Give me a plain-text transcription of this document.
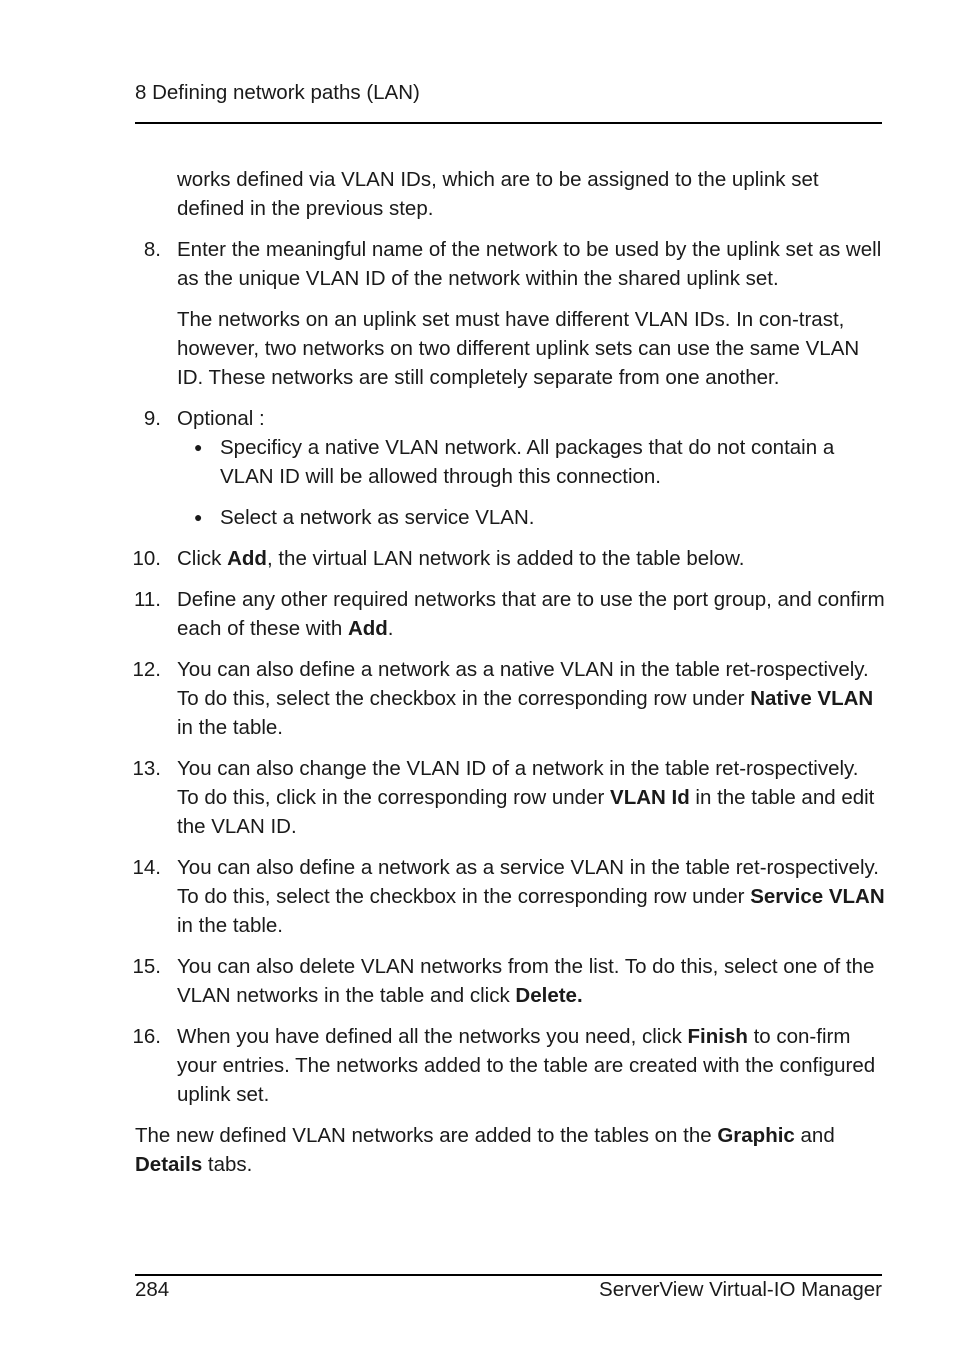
8 Defining network paths (LAN)

works defined via VLAN IDs, which are to be assigned to the uplink set defined in the previous step.

8. Enter the meaningful name of the network to be used by the uplink set as well as the unique VLAN ID of the network within the shared uplink set.

The networks on an uplink set must have different VLAN IDs. In con-trast, however, two networks on two different uplink sets can use the same VLAN ID. These networks are still completely separate from one another.

9. Optional :

● Specificy a native VLAN network. All packages that do not contain a VLAN ID will be allowed through this connection.
● Select a network as service VLAN.
10. Click Add, the virtual LAN network is added to the table below.

11. Define any other required networks that are to use the port group, and confirm each of these with Add.

12. You can also define a network as a native VLAN in the table ret-rospectively. To do this, select the checkbox in the corresponding row under Native VLAN in the table.

13. You can also change the VLAN ID of a network in the table ret-rospectively. To do this, click in the corresponding row under VLAN Id in the table and edit the VLAN ID.

14. You can also define a network as a service VLAN in the table ret-rospectively. To do this, select the checkbox in the corresponding row under Service VLAN in the table.

15. You can also delete VLAN networks from the list. To do this, select one of the VLAN networks in the table and click Delete.

16. When you have defined all the networks you need, click Finish to con-firm your entries. The networks added to the table are created with the configured uplink set.

The new defined VLAN networks are added to the tables on the Graphic and Details tabs.

284	ServerView Virtual-IO Manager
